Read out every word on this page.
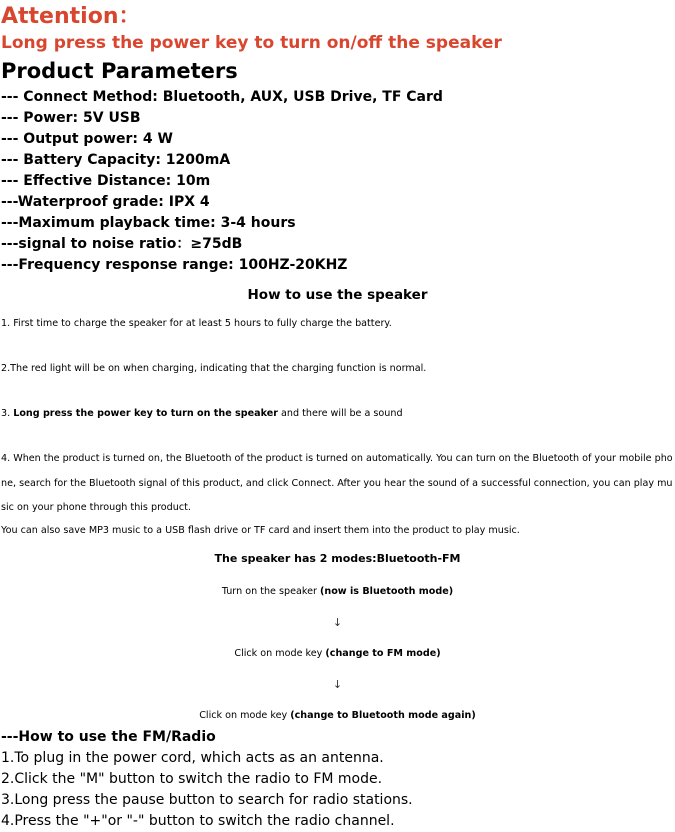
Attention：
Long press the power key to turn on/off the speaker
Product Parameters
--- Connect Method: Bluetooth, AUX, USB Drive, TF Card
--- Power: 5V USB
--- Output power: 4 W
--- Battery Capacity: 1200mA
--- Effective Distance: 10m
---Waterproof grade: IPX 4
---Maximum playback time: 3-4 hours
---signal to noise ratio：≥75dB
---Frequency response range: 100HZ-20KHZ
How to use the speaker
1. First time to charge the speaker for at least 5 hours to fully charge the battery.
2.The red light will be on when charging, indicating that the charging function is normal.
3. Long press the power key to turn on the speaker and there will be a sound
4. When the product is turned on, the Bluetooth of the product is turned on automatically. You can turn on the Bluetooth of your mobile phone, search for the Bluetooth signal of this product, and click Connect. After you hear the sound of a successful connection, you can play music on your phone through this product.
You can also save MP3 music to a USB flash drive or TF card and insert them into the product to play music.
The speaker has 2 modes:Bluetooth-FM
Turn on the speaker (now is Bluetooth mode)
↓
Click on mode key (change to FM mode)
↓
Click on mode key (change to Bluetooth mode again)
---How to use the FM/Radio
1.To plug in the power cord, which acts as an antenna.
2.Click the "M" button to switch the radio to FM mode.
3.Long press the pause button to search for radio stations.
4.Press the "+"or "-" button to switch the radio channel.
